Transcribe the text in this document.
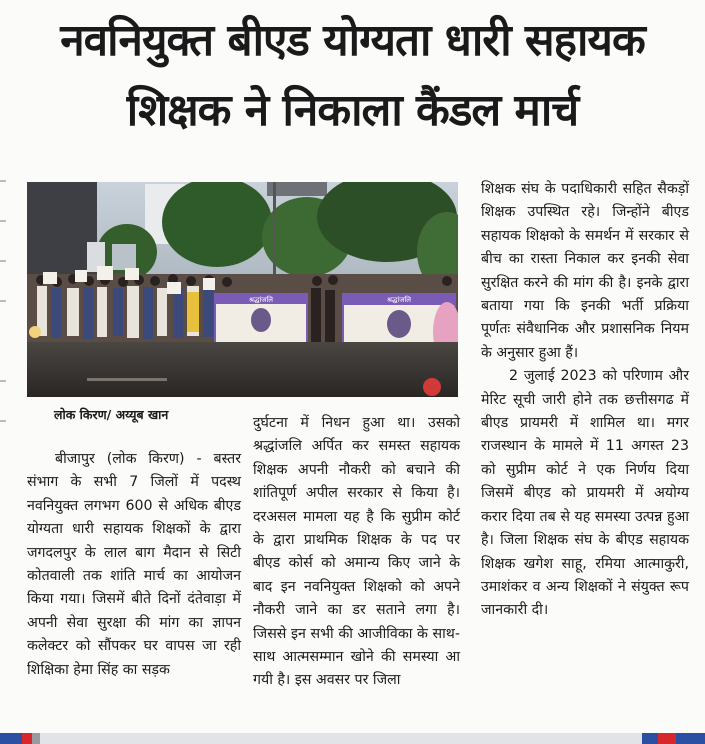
नवनियुक्त बीएड योग्यता धारी सहायक
शिक्षक ने निकाला कैंडल मार्च
श्रद्धांजलि	श्रद्धांजलि
लोक किरण/ अय्यूब खान

बीजापुर (लोक किरण) - बस्तर संभाग के सभी 7 जिलों में पदस्थ नवनियुक्त लगभग 600 से अधिक बीएड योग्यता धारी सहायक शिक्षकों के द्वारा जगदलपुर के लाल बाग मैदान से सिटी कोतवाली तक शांति मार्च का आयोजन किया गया। जिसमें बीते दिनों दंतेवाड़ा में अपनी सेवा सुरक्षा की मांग का ज्ञापन कलेक्टर को सौंपकर घर वापस जा रही शिक्षिका हेमा सिंह का सड़क

दुर्घटना में निधन हुआ था। उसको श्रद्धांजलि अर्पित कर समस्त सहायक शिक्षक अपनी नौकरी को बचाने की शांतिपूर्ण अपील सरकार से किया है। दरअसल मामला यह है कि सुप्रीम कोर्ट के द्वारा प्राथमिक शिक्षक के पद पर बीएड कोर्स को अमान्य किए जाने के बाद इन नवनियुक्त शिक्षको को अपने नौकरी जाने का डर सताने लगा है। जिससे इन सभी की आजीविका के साथ-साथ आत्मसम्मान खोने की समस्या आ गयी है। इस अवसर पर जिला

शिक्षक संघ के पदाधिकारी सहित सैकड़ों शिक्षक उपस्थित रहे। जिन्होंने बीएड सहायक शिक्षको के समर्थन में सरकार से बीच का रास्ता निकाल कर इनकी सेवा सुरक्षित करने की मांग की है। इनके द्वारा बताया गया कि इनकी भर्ती प्रक्रिया पूर्णतः संवैधानिक और प्रशासनिक नियम के अनुसार हुआ हैं।

2 जुलाई 2023 को परिणाम और मेरिट सूची जारी होने तक छत्तीसगढ में बीएड प्रायमरी में शामिल था। मगर राजस्थान के मामले में 11 अगस्त 23 को सुप्रीम कोर्ट ने एक निर्णय दिया जिसमें बीएड को प्रायमरी में अयोग्य करार दिया तब से यह समस्या उत्पन्न हुआ है। जिला शिक्षक संघ के बीएड सहायक शिक्षक खगेश साहू, रमिया आत्माकुरी, उमाशंकर व अन्य शिक्षकों ने संयुक्त रूप जानकारी दी।
